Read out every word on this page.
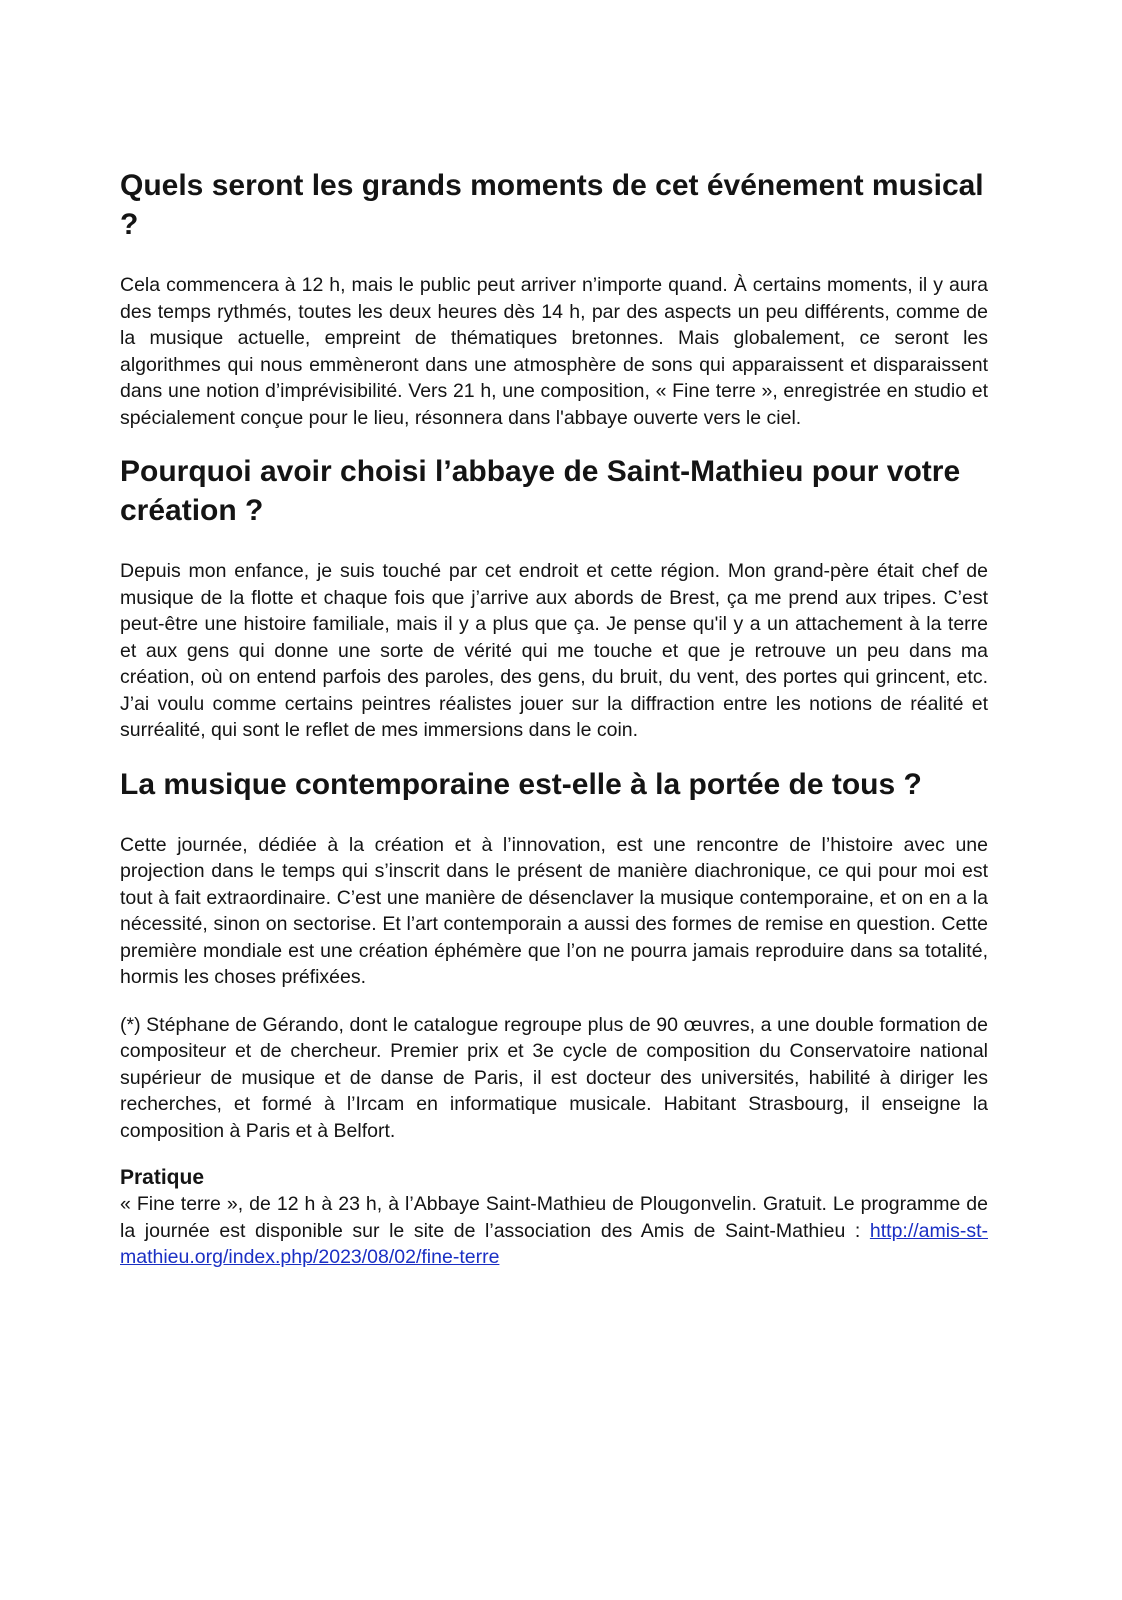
Quels seront les grands moments de cet événement musical ?

Cela commencera à 12 h, mais le public peut arriver n’importe quand. À certains moments, il y aura des temps rythmés, toutes les deux heures dès 14 h, par des aspects un peu différents, comme de la musique actuelle, empreint de thématiques bretonnes. Mais globalement, ce seront les algorithmes qui nous emmèneront dans une atmosphère de sons qui apparaissent et disparaissent dans une notion d’imprévisibilité. Vers 21 h, une composition, « Fine terre », enregistrée en studio et spécialement conçue pour le lieu, résonnera dans l'abbaye ouverte vers le ciel.

Pourquoi avoir choisi l’abbaye de Saint-Mathieu pour votre création ?

Depuis mon enfance, je suis touché par cet endroit et cette région. Mon grand-père était chef de musique de la flotte et chaque fois que j’arrive aux abords de Brest, ça me prend aux tripes. C’est peut-être une histoire familiale, mais il y a plus que ça. Je pense qu'il y a un attachement à la terre et aux gens qui donne une sorte de vérité qui me touche et que je retrouve un peu dans ma création, où on entend parfois des paroles, des gens, du bruit, du vent, des portes qui grincent, etc. J’ai voulu comme certains peintres réalistes jouer sur la diffraction entre les notions de réalité et surréalité, qui sont le reflet de mes immersions dans le coin.

La musique contemporaine est-elle à la portée de tous ?

Cette journée, dédiée à la création et à l’innovation, est une rencontre de l’histoire avec une projection dans le temps qui s’inscrit dans le présent de manière diachronique, ce qui pour moi est tout à fait extraordinaire. C’est une manière de désenclaver la musique contemporaine, et on en a la nécessité, sinon on sectorise. Et l’art contemporain a aussi des formes de remise en question. Cette première mondiale est une création éphémère que l’on ne pourra jamais reproduire dans sa totalité, hormis les choses préfixées.

(*) Stéphane de Gérando, dont le catalogue regroupe plus de 90 œuvres, a une double formation de compositeur et de chercheur. Premier prix et 3e cycle de composition du Conservatoire national supérieur de musique et de danse de Paris, il est docteur des universités, habilité à diriger les recherches, et formé à l’Ircam en informatique musicale. Habitant Strasbourg, il enseigne la composition à Paris et à Belfort.

Pratique

« Fine terre », de 12 h à 23 h, à l’Abbaye Saint-Mathieu de Plougonvelin. Gratuit. Le programme de la journée est disponible sur le site de l’association des Amis de Saint-Mathieu : http://amis-st-mathieu.org/index.php/2023/08/02/fine-terre
